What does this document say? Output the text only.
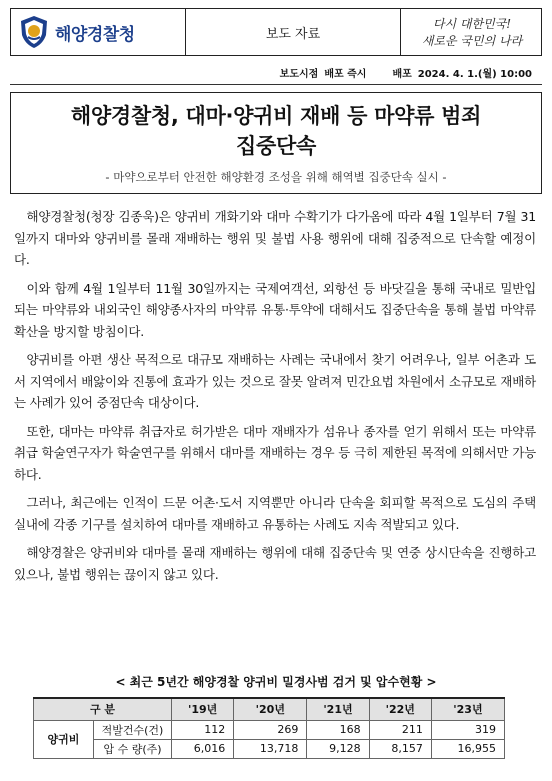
해양경찰청	보도 자료
다시 대한민국!
새로운 국민의 나라
보도시점 배포 즉시	배포 2024. 4. 1.(월) 10:00
해양경찰청, 대마·양귀비 재배 등 마약류 범죄
집중단속
- 마약으로부터 안전한 해양환경 조성을 위해 해역별 집중단속 실시 -

해양경찰청(청장 김종욱)은 양귀비 개화기와 대마 수확기가 다가옴에 따라 4월 1일부터 7월 31일까지 대마와 양귀비를 몰래 재배하는 행위 및 불법 사용 행위에 대해 집중적으로 단속할 예정이다.

이와 함께 4월 1일부터 11월 30일까지는 국제여객선, 외항선 등 바닷길을 통해 국내로 밀반입되는 마약류와 내외국인 해양종사자의 마약류 유통·투약에 대해서도 집중단속을 통해 불법 마약류 확산을 방지할 방침이다.

양귀비를 아편 생산 목적으로 대규모 재배하는 사례는 국내에서 찾기 어려우나, 일부 어촌과 도서 지역에서 배앓이와 진통에 효과가 있는 것으로 잘못 알려져 민간요법 차원에서 소규모로 재배하는 사례가 있어 중점단속 대상이다.

또한, 대마는 마약류 취급자로 허가받은 대마 재배자가 섬유나 종자를 얻기 위해서 또는 마약류 취급 학술연구자가 학술연구를 위해서 대마를 재배하는 경우 등 극히 제한된 목적에 의해서만 가능하다.

그러나, 최근에는 인적이 드문 어촌·도서 지역뿐만 아니라 단속을 회피할 목적으로 도심의 주택 실내에 각종 기구를 설치하여 대마를 재배하고 유통하는 사례도 지속 적발되고 있다.

해양경찰은 양귀비와 대마를 몰래 재배하는 행위에 대해 집중단속 및 연중 상시단속을 진행하고 있으나, 불법 행위는 끊이지 않고 있다.

< 최근 5년간 해양경찰 양귀비 밀경사범 검거 및 압수현황 >
구 분		'19년	'20년	'21년	'22년	'23년
양귀비	적발건수(건)	112	269	168	211	319
	압 수 량(주)	6,016	13,718	9,128	8,157	16,955
